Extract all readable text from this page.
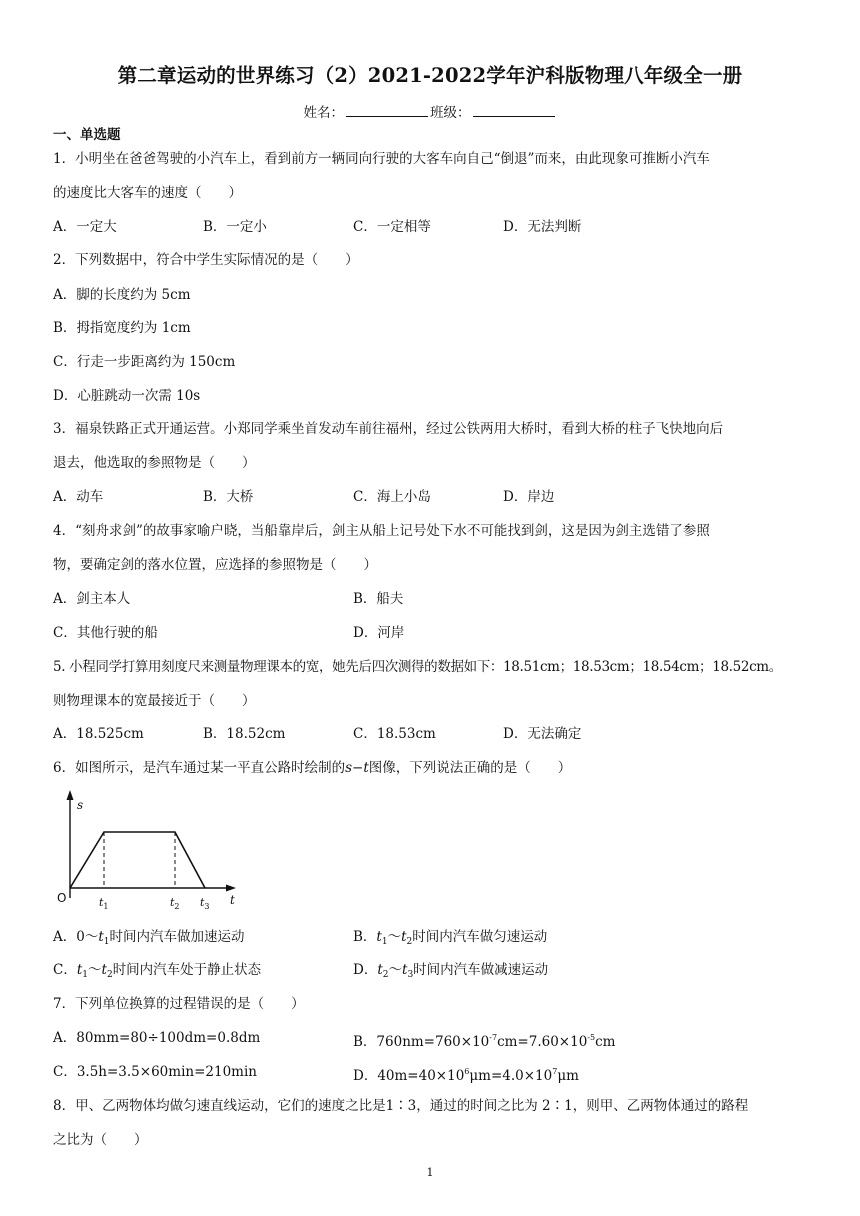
第二章运动的世界练习（2）2021-2022学年沪科版物理八年级全一册
姓名：	班级：
一、单选题
1．小明坐在爸爸驾驶的小汽车上，看到前方一辆同向行驶的大客车向自己“倒退”而来，由此现象可推断小汽车
的速度比大客车的速度（　　）
A．一定大	B．一定小	C．一定相等	D．无法判断
2．下列数据中，符合中学生实际情况的是（　　）
A．脚的长度约为 5cm
B．拇指宽度约为 1cm
C．行走一步距离约为 150cm
D．心脏跳动一次需 10s
3．福泉铁路正式开通运营。小郑同学乘坐首发动车前往福州，经过公铁两用大桥时，看到大桥的柱子飞快地向后
退去，他选取的参照物是（　　）
A．动车	B．大桥	C．海上小岛	D．岸边
4．“刻舟求剑”的故事家喻户晓，当船靠岸后，剑主从船上记号处下水不可能找到剑，这是因为剑主选错了参照
物，要确定剑的落水位置，应选择的参照物是（　　）
A．剑主本人	B．船夫
C．其他行驶的船	D．河岸
5. 小程同学打算用刻度尺来测量物理课本的宽，她先后四次测得的数据如下：18.51cm；18.53cm；18.54cm；18.52cm。
则物理课本的宽最接近于（　　）
A．18.525cm	B．18.52cm	C．18.53cm	D．无法确定
6．如图所示，是汽车通过某一平直公路时绘制的s−t图像，下列说法正确的是（　　）
s
t
O	$t_1$	$t_2$ $t_3$
A．$0\sim t_1$时间内汽车做加速运动	B．$t_1\sim t_2$时间内汽车做匀速运动
C．$t_1\sim t_2$时间内汽车处于静止状态	D．$t_2\sim t_3$时间内汽车做减速运动
7．下列单位换算的过程错误的是（　　）
A．80mm=80÷100dm=0.8dm	B．$760nm=760\times 10^{-7}cm=7.60\times 10^{-5}cm$
C．3.5h=3.5×60min=210min	D．$40m=40\times 10^6\mu m=4.0\times 10^7\mu m$
8．甲、乙两物体均做匀速直线运动，它们的速度之比是1∶3，通过的时间之比为 2∶1，则甲、乙两物体通过的路程
之比为（　　）
1
